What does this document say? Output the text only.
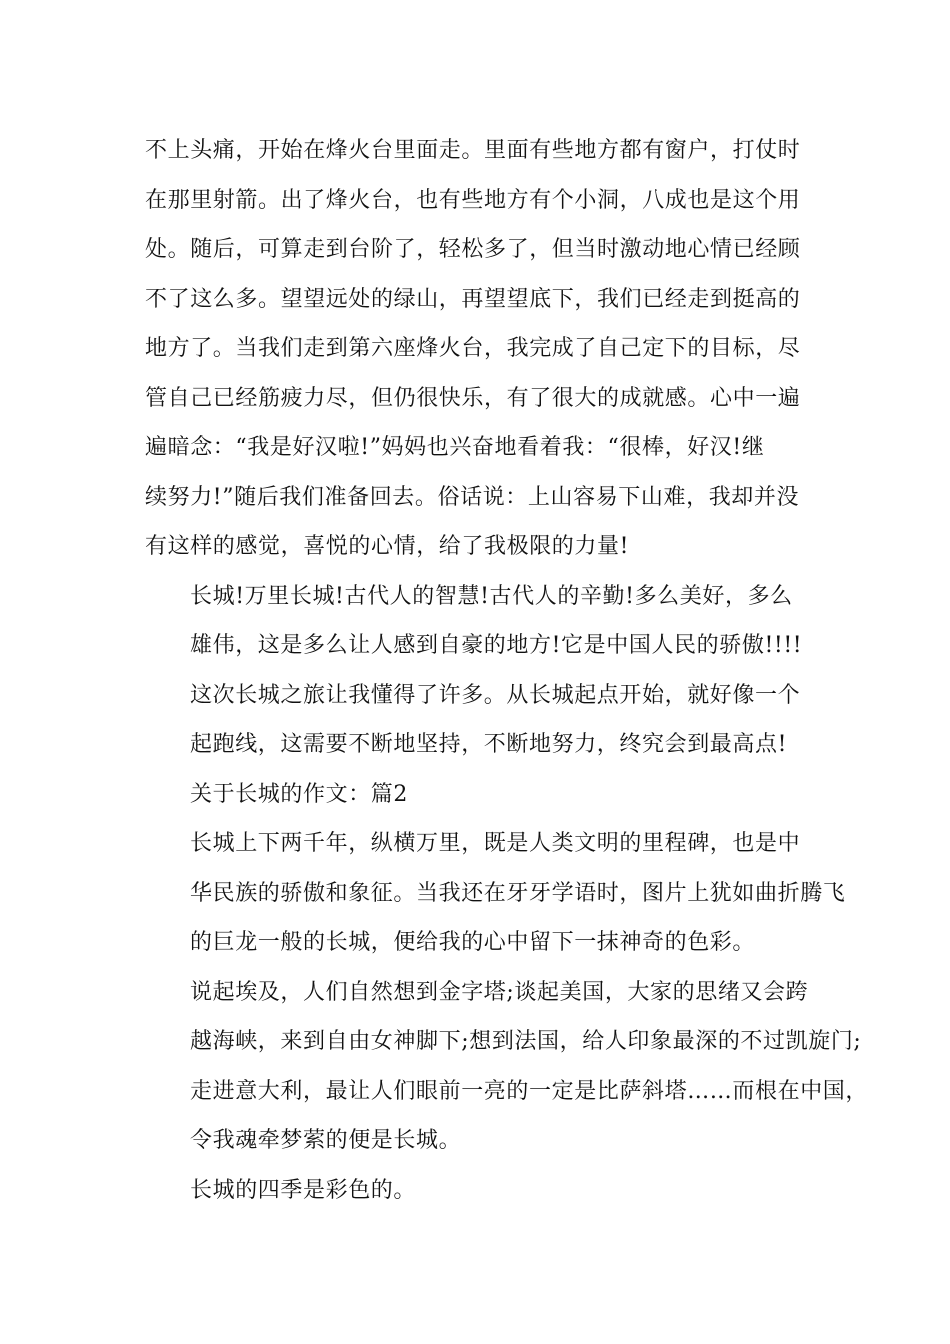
不上头痛，开始在烽火台里面走。里面有些地方都有窗户，打仗时
在那里射箭。出了烽火台，也有些地方有个小洞，八成也是这个用
处。随后，可算走到台阶了，轻松多了，但当时激动地心情已经顾
不了这么多。望望远处的绿山，再望望底下，我们已经走到挺高的
地方了。当我们走到第六座烽火台，我完成了自己定下的目标，尽
管自己已经筋疲力尽，但仍很快乐，有了很大的成就感。心中一遍
遍暗念：“我是好汉啦!”妈妈也兴奋地看着我：“很棒，好汉!继
续努力!”随后我们准备回去。俗话说：上山容易下山难，我却并没
有这样的感觉，喜悦的心情，给了我极限的力量!

长城!万里长城!古代人的智慧!古代人的辛勤!多么美好，多么
雄伟，这是多么让人感到自豪的地方!它是中国人民的骄傲!!!!

这次长城之旅让我懂得了许多。从长城起点开始，就好像一个
起跑线，这需要不断地坚持，不断地努力，终究会到最高点!

关于长城的作文：篇2

长城上下两千年，纵横万里，既是人类文明的里程碑，也是中
华民族的骄傲和象征。当我还在牙牙学语时，图片上犹如曲折腾飞
的巨龙一般的长城，便给我的心中留下一抹神奇的色彩。

说起埃及，人们自然想到金字塔;谈起美国，大家的思绪又会跨
越海峡，来到自由女神脚下;想到法国，给人印象最深的不过凯旋门;
走进意大利，最让人们眼前一亮的一定是比萨斜塔……而根在中国，
令我魂牵梦萦的便是长城。

长城的四季是彩色的。
